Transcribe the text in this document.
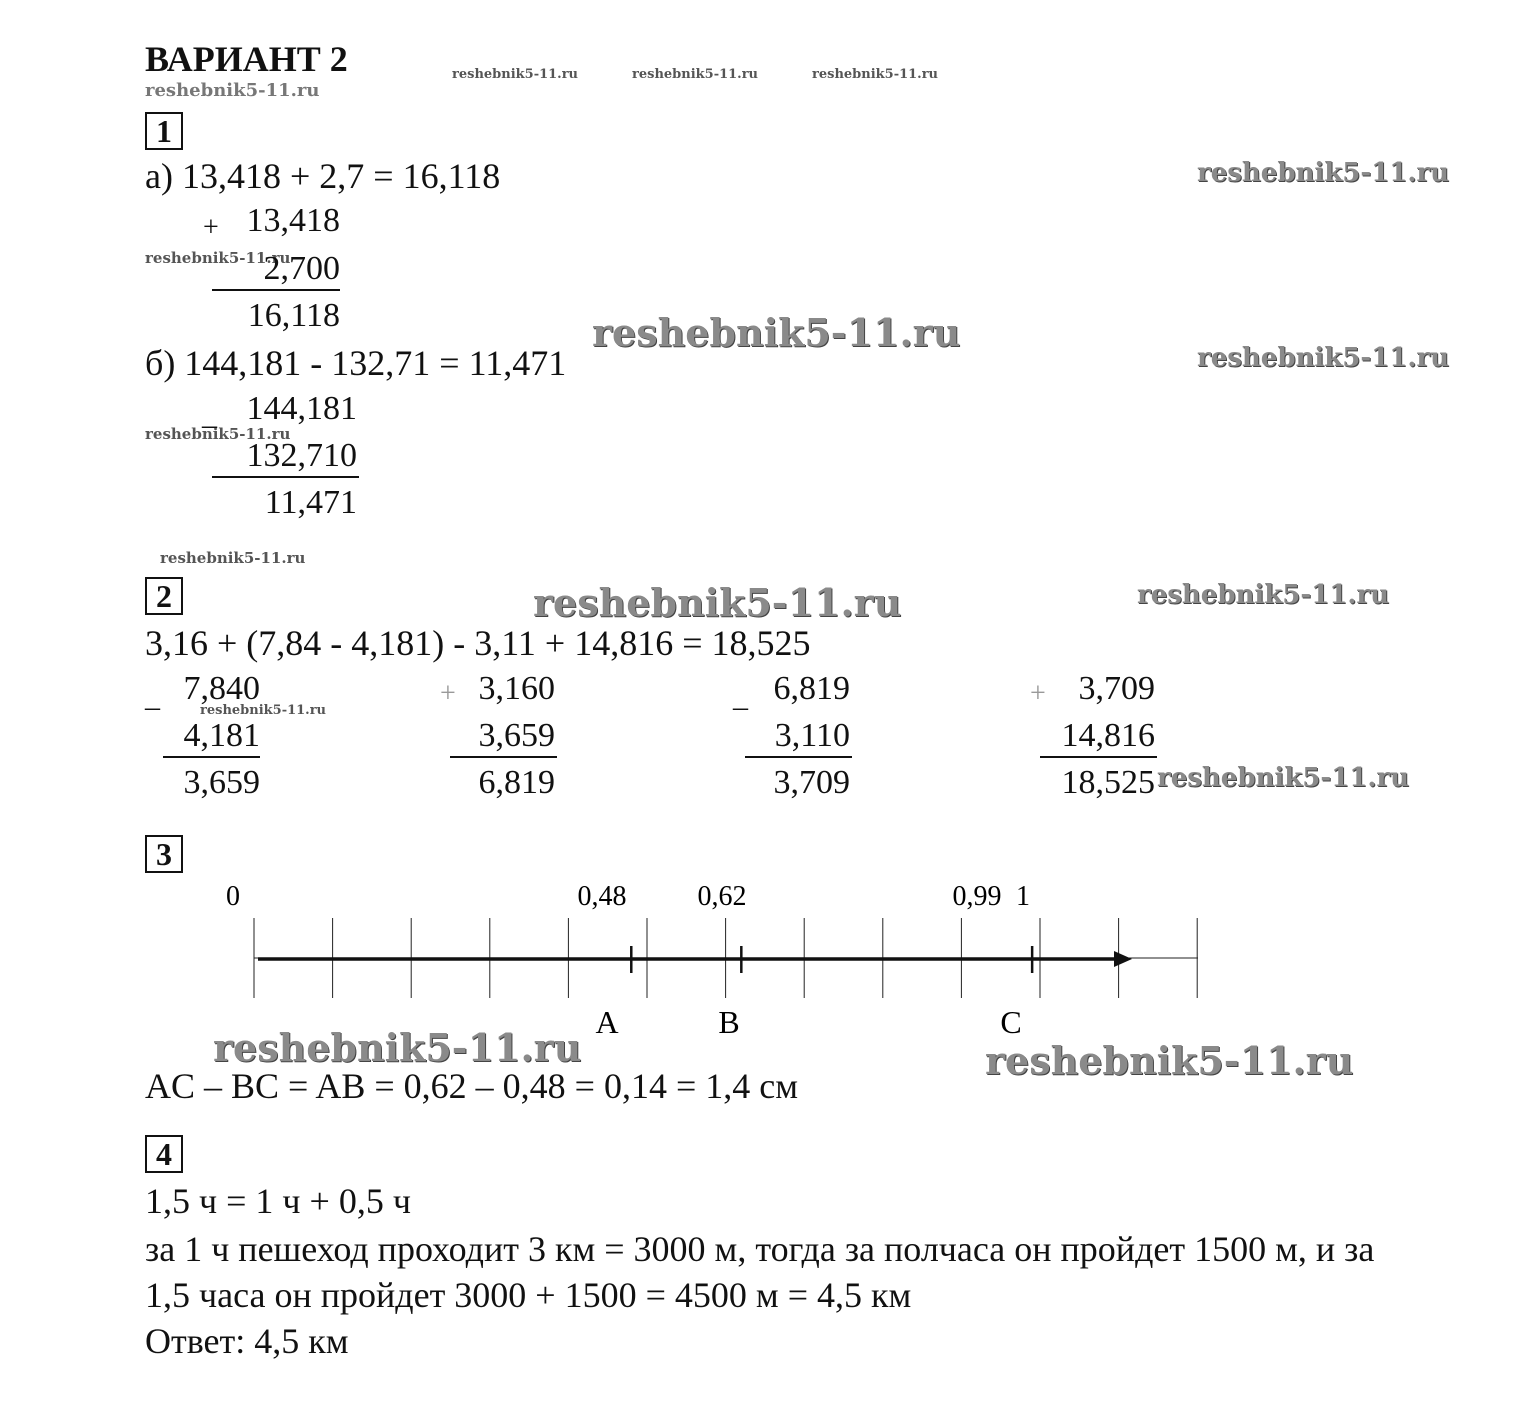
ВАРИАНТ 2
reshebnik5-11.ru
reshebnik5-11.ru	reshebnik5-11.ru	reshebnik5-11.ru
reshebnik5-11.ru
reshebnik5-11.ru
reshebnik5-11.ru
reshebnik5-11.ru
reshebnik5-11.ru
reshebnik5-11.ru
reshebnik5-11.ru	reshebnik5-11.ru
reshebnik5-11.ru
reshebnik5-11.ru
reshebnik5-11.ru	reshebnik5-11.ru
1
а) 13,418 + 2,7 = 16,118
+ 13,418
2,700
16,118
б) 144,181 - 132,71 = 11,471
_ 144,181
132,710
11,471
2
3,16 + (7,84 - 4,181) - 3,11 + 14,816 = 18,525
_ 7,840
4,181
3,659
+ 3,160
3,659
6,819
_ 6,819
3,110
3,709
+ 3,709
14,816
18,525
3
0	0,48	0,62	0,99 1
A	B	C
AC – BC = AB = 0,62 – 0,48 = 0,14 = 1,4 см
4
1,5 ч = 1 ч + 0,5 ч
за 1 ч пешеход проходит 3 км = 3000 м, тогда за полчаса он пройдет 1500 м, и за
1,5 часа он пройдет 3000 + 1500 = 4500 м = 4,5 км
Ответ: 4,5 км
